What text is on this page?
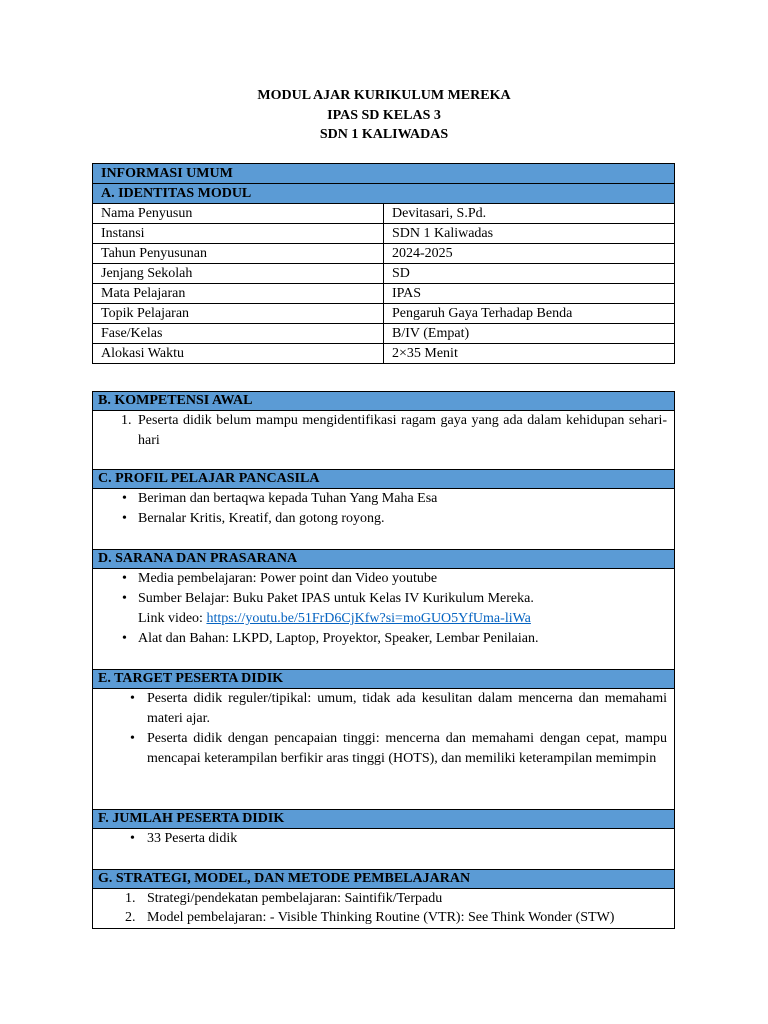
MODUL AJAR KURIKULUM MEREKA
IPAS SD KELAS 3
SDN 1 KALIWADAS
INFORMASI UMUM	
A. IDENTITAS MODUL	
Nama Penyusun	Devitasari, S.Pd.
Instansi	SDN 1 Kaliwadas
Tahun Penyusunan	2024-2025
Jenjang Sekolah	SD
Mata Pelajaran	IPAS
Topik Pelajaran	Pengaruh Gaya Terhadap Benda
Fase/Kelas	B/IV (Empat)
Alokasi Waktu	2×35 Menit
B. KOMPETENSI AWAL
1. Peserta didik belum mampu mengidentifikasi ragam gaya yang ada dalam kehidupan sehari-hari
C. PROFIL PELAJAR PANCASILA
• Beriman dan bertaqwa kepada Tuhan Yang Maha Esa
• Bernalar Kritis, Kreatif, dan gotong royong.
D. SARANA DAN PRASARANA
• Media pembelajaran: Power point dan Video youtube
• Sumber Belajar: Buku Paket IPAS untuk Kelas IV Kurikulum Mereka.
Link video: https://youtu.be/51FrD6CjKfw?si=moGUO5YfUma-liWa
• Alat dan Bahan: LKPD, Laptop, Proyektor, Speaker, Lembar Penilaian.
E. TARGET PESERTA DIDIK
• Peserta didik reguler/tipikal: umum, tidak ada kesulitan dalam mencerna dan memahami materi ajar.
• Peserta didik dengan pencapaian tinggi: mencerna dan memahami dengan cepat, mampu mencapai keterampilan berfikir aras tinggi (HOTS), dan memiliki keterampilan memimpin
F. JUMLAH PESERTA DIDIK
• 33 Peserta didik
G. STRATEGI, MODEL, DAN METODE PEMBELAJARAN
1. Strategi/pendekatan pembelajaran: Saintifik/Terpadu
2. Model pembelajaran: - Visible Thinking Routine (VTR): See Think Wonder (STW)
